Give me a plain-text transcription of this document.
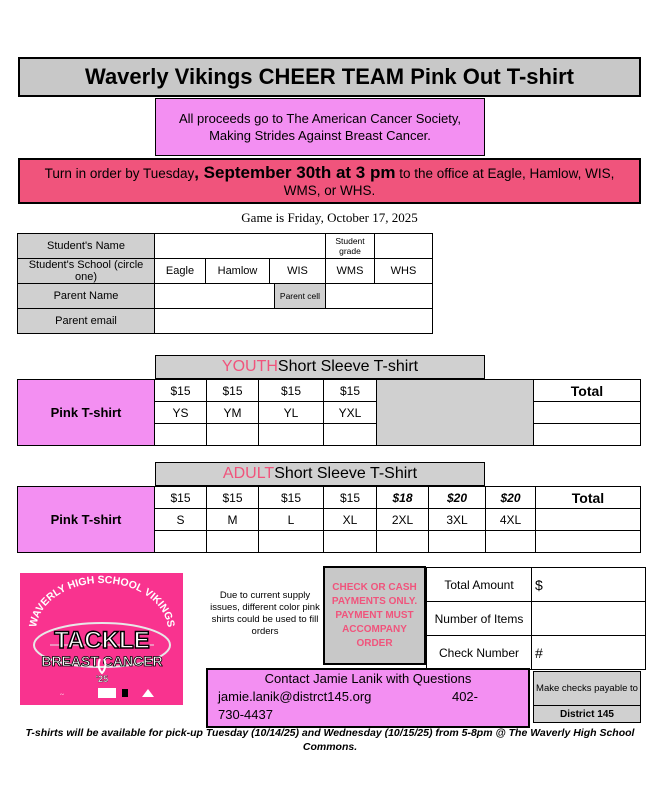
Waverly Vikings CHEER TEAM Pink Out T-shirt
All proceeds go to The American Cancer Society,
Making Strides Against Breast Cancer.
Turn in order by Tuesday, September 30th at 3 pm to the office at Eagle, Hamlow, WIS,
WMS, or WHS.
Game is Friday, October 17, 2025
Student's Name					Student grade	
Student's School (circle one)	Eagle	Hamlow	WIS		WMS	WHS
Parent Name				Parent cell		
Parent email						
YOUTH Short Sleeve T-shirt
Pink T-shirt	$15	$15	$15	$15		Total
	YS	YM	YL	YXL		

ADULT Short Sleeve T-Shirt
Pink T-shirt	$15	$15	$15	$15	$18	$20	$20	Total
	S	M	L	XL	2XL	3XL	4XL	

WAVERLY HIGH SCHOOL VIKINGS
TACKLE
BREAST CANCER
'25
~
Due to current supply issues, different color pink shirts could be used to fill orders
CHECK OR CASH PAYMENTS ONLY. PAYMENT MUST ACCOMPANY ORDER
Total Amount	$
Number of Items	
Check Number	#
Contact Jamie Lanik with Questions
jamie.lanik@distrct145.org	402-
730-4437
Make checks payable to
District 145
T-shirts will be available for pick-up Tuesday (10/14/25) and Wednesday (10/15/25) from 5-8pm @ The Waverly High School Commons.
